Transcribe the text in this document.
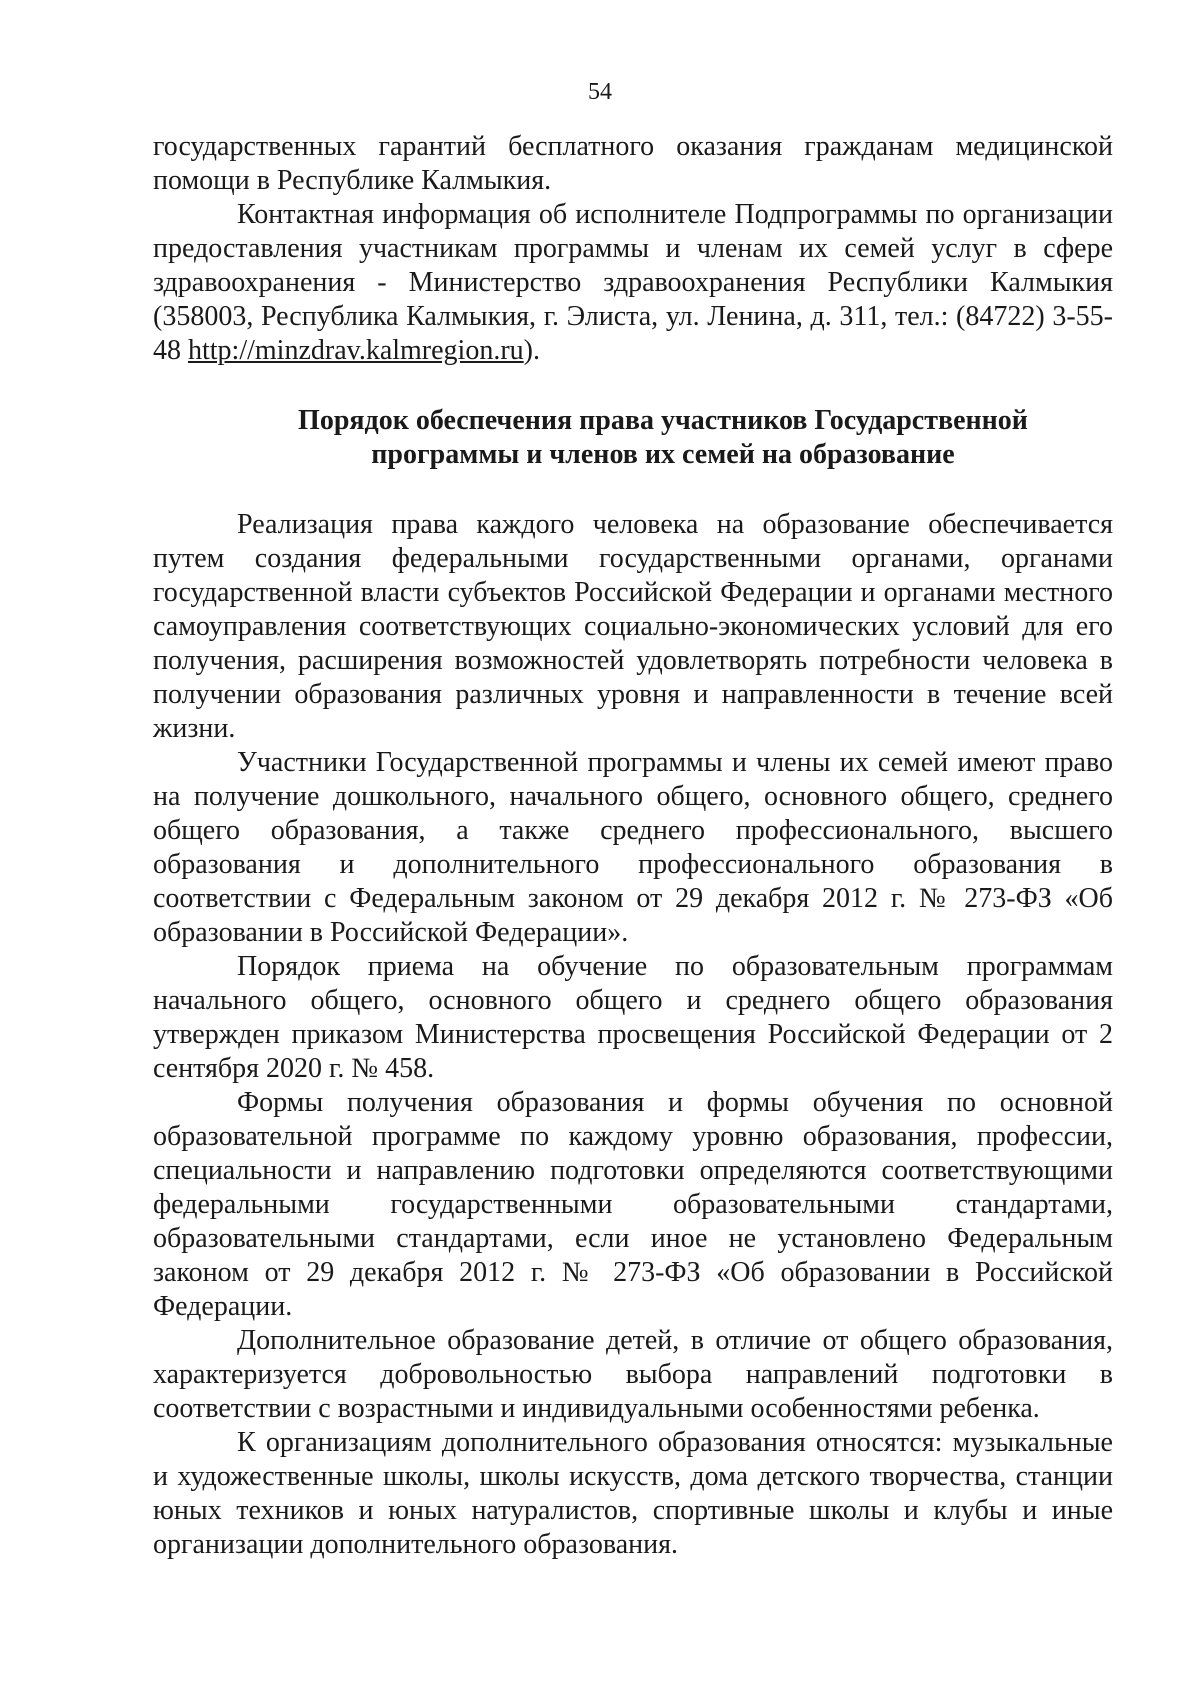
54

государственных гарантий бесплатного оказания гражданам медицинской помощи в Республике Калмыкия.

Контактная информация об исполнителе Подпрограммы по организации предоставления участникам программы и членам их семей услуг в сфере здравоохранения - Министерство здравоохранения Республики Калмыкия (358003, Республика Калмыкия, г. Элиста, ул. Ленина, д. 311, тел.: (84722) 3-55-48 http://minzdrav.kalmregion.ru).

Порядок обеспечения права участников Государственной
программы и членов их семей на образование

Реализация права каждого человека на образование обеспечивается путем создания федеральными государственными органами, органами государственной власти субъектов Российской Федерации и органами местного самоуправления соответствующих социально-экономических условий для его получения, расширения возможностей удовлетворять потребности человека в получении образования различных уровня и направленности в течение всей жизни.

Участники Государственной программы и члены их семей имеют право на получение дошкольного, начального общего, основного общего, среднего общего образования, а также среднего профессионального, высшего образования и дополнительного профессионального образования в соответствии с Федеральным законом от 29 декабря 2012 г. № 273-ФЗ «Об образовании в Российской Федерации».

Порядок приема на обучение по образовательным программам начального общего, основного общего и среднего общего образования утвержден приказом Министерства просвещения Российской Федерации от 2 сентября 2020 г. № 458.

Формы получения образования и формы обучения по основной образовательной программе по каждому уровню образования, профессии, специальности и направлению подготовки определяются соответствующими федеральными государственными образовательными стандартами, образовательными стандартами, если иное не установлено Федеральным законом от 29 декабря 2012 г. № 273-ФЗ «Об образовании в Российской Федерации.

Дополнительное образование детей, в отличие от общего образования, характеризуется добровольностью выбора направлений подготовки в соответствии с возрастными и индивидуальными особенностями ребенка.

К организациям дополнительного образования относятся: музыкальные и художественные школы, школы искусств, дома детского творчества, станции юных техников и юных натуралистов, спортивные школы и клубы и иные организации дополнительного образования.
